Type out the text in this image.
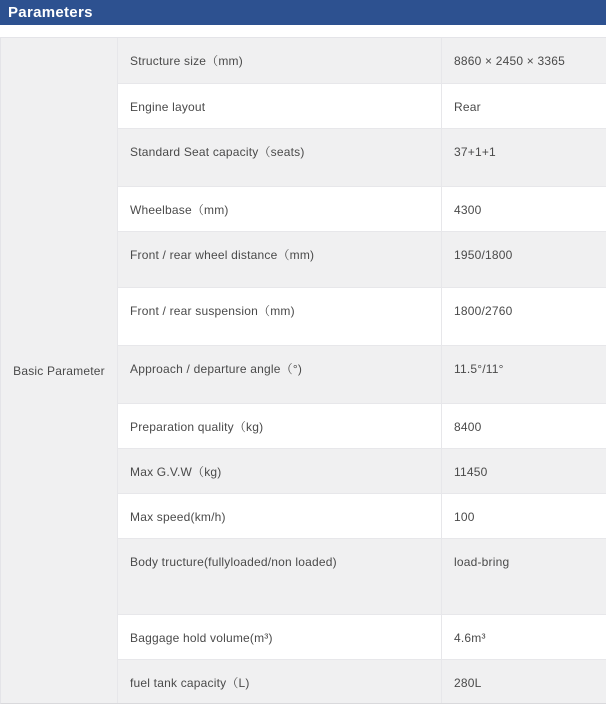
Parameters
Basic Parameter
Structure size（mm)	8860 × 2450 × 3365
Engine layout	Rear
Standard Seat capacity（seats)	37+1+1
Wheelbase（mm)	4300
Front / rear wheel distance（mm)	1950/1800
Front / rear suspension（mm)	1800/2760
Approach / departure angle（°)	11.5°/11°
Preparation quality（kg)	8400
Max G.V.W（kg)	11450
Max speed(km/h)	100
Body tructure(fullyloaded/non loaded)	load-bring
Baggage hold volume(m³)	4.6m³
fuel tank capacity（L)	280L
